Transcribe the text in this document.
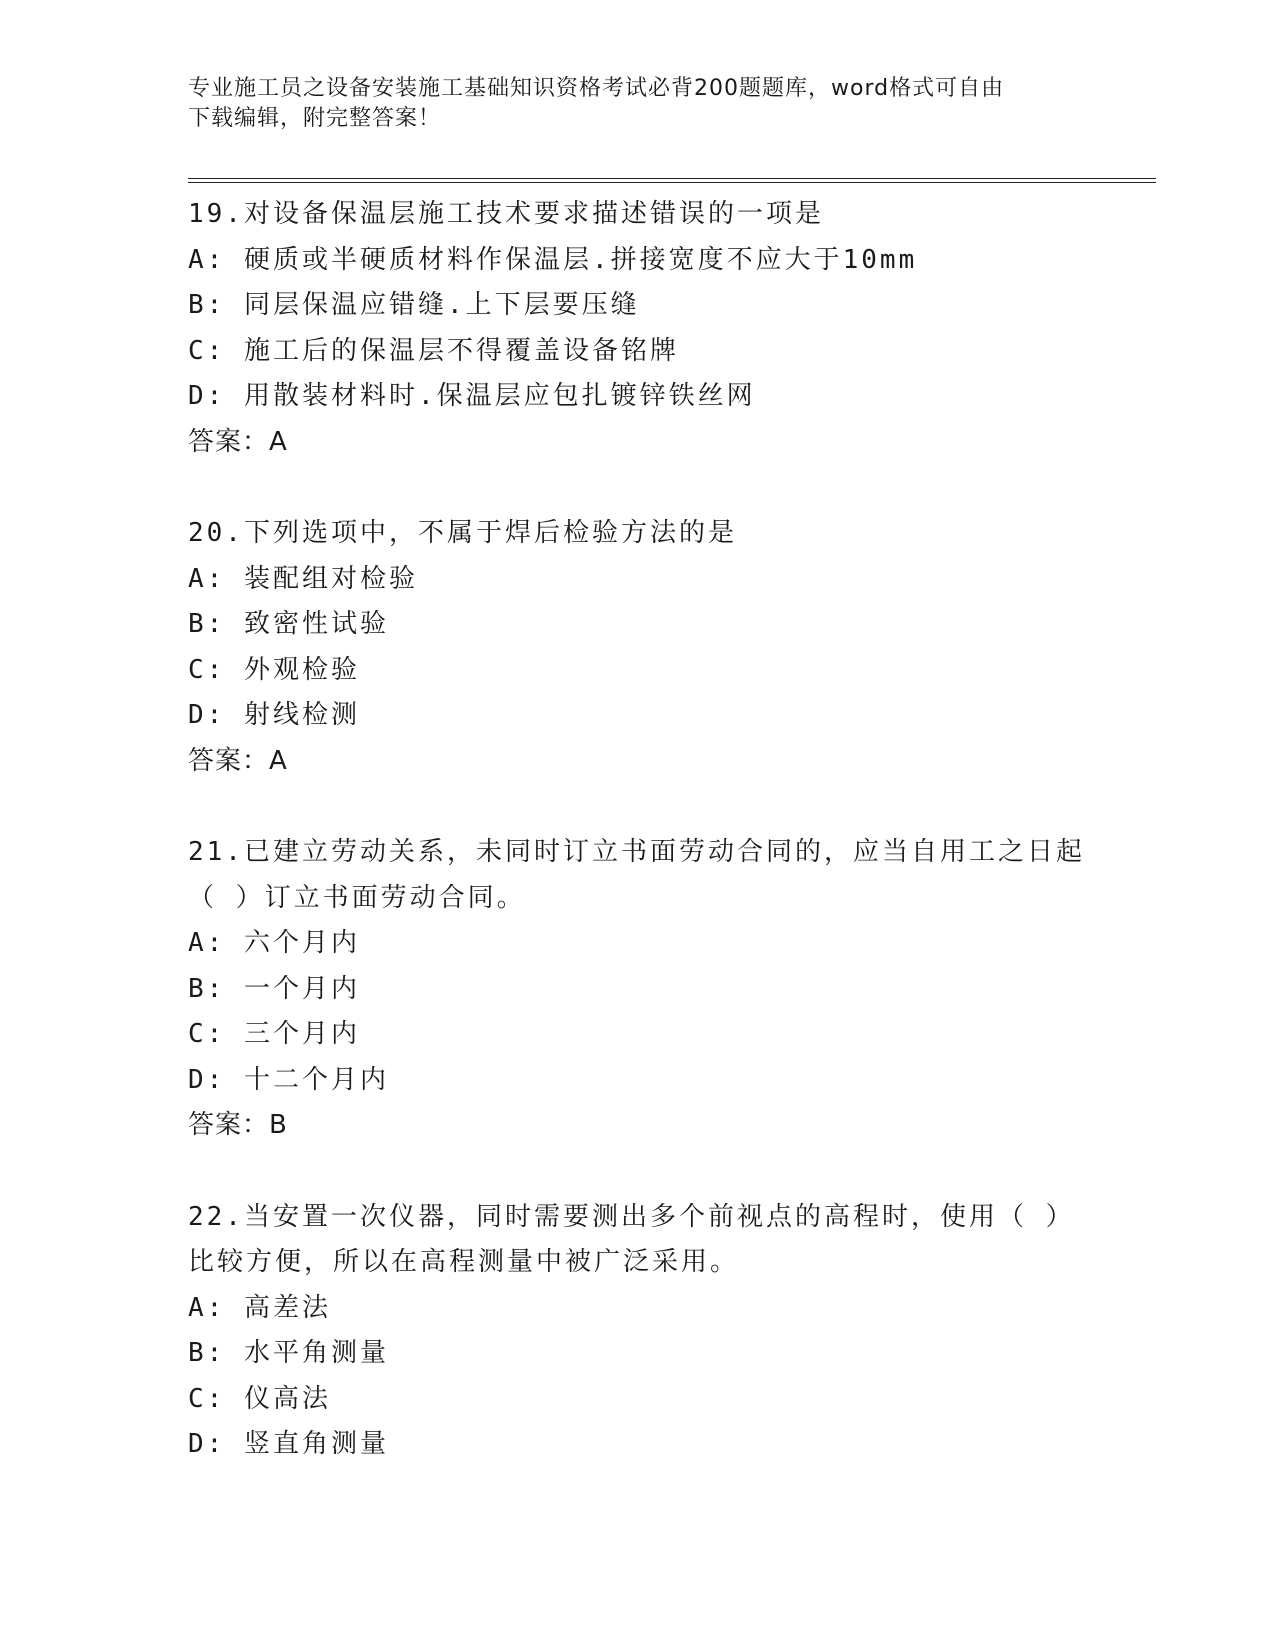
专业施工员之设备安装施工基础知识资格考试必背200题题库，word格式可自由
下载编辑，附完整答案！
19.对设备保温层施工技术要求描述错误的一项是
A: 硬质或半硬质材料作保温层.拼接宽度不应大于10mm
B: 同层保温应错缝.上下层要压缝
C: 施工后的保温层不得覆盖设备铭牌
D: 用散装材料时.保温层应包扎镀锌铁丝网
答案：A
20.下列选项中，不属于焊后检验方法的是
A: 装配组对检验
B: 致密性试验
C: 外观检验
D: 射线检测
答案：A
21.已建立劳动关系，未同时订立书面劳动合同的，应当自用工之日起
（ ）订立书面劳动合同。
A: 六个月内
B: 一个月内
C: 三个月内
D: 十二个月内
答案：B
22.当安置一次仪器，同时需要测出多个前视点的高程时，使用（ ）
比较方便，所以在高程测量中被广泛采用。
A: 高差法
B: 水平角测量
C: 仪高法
D: 竖直角测量
